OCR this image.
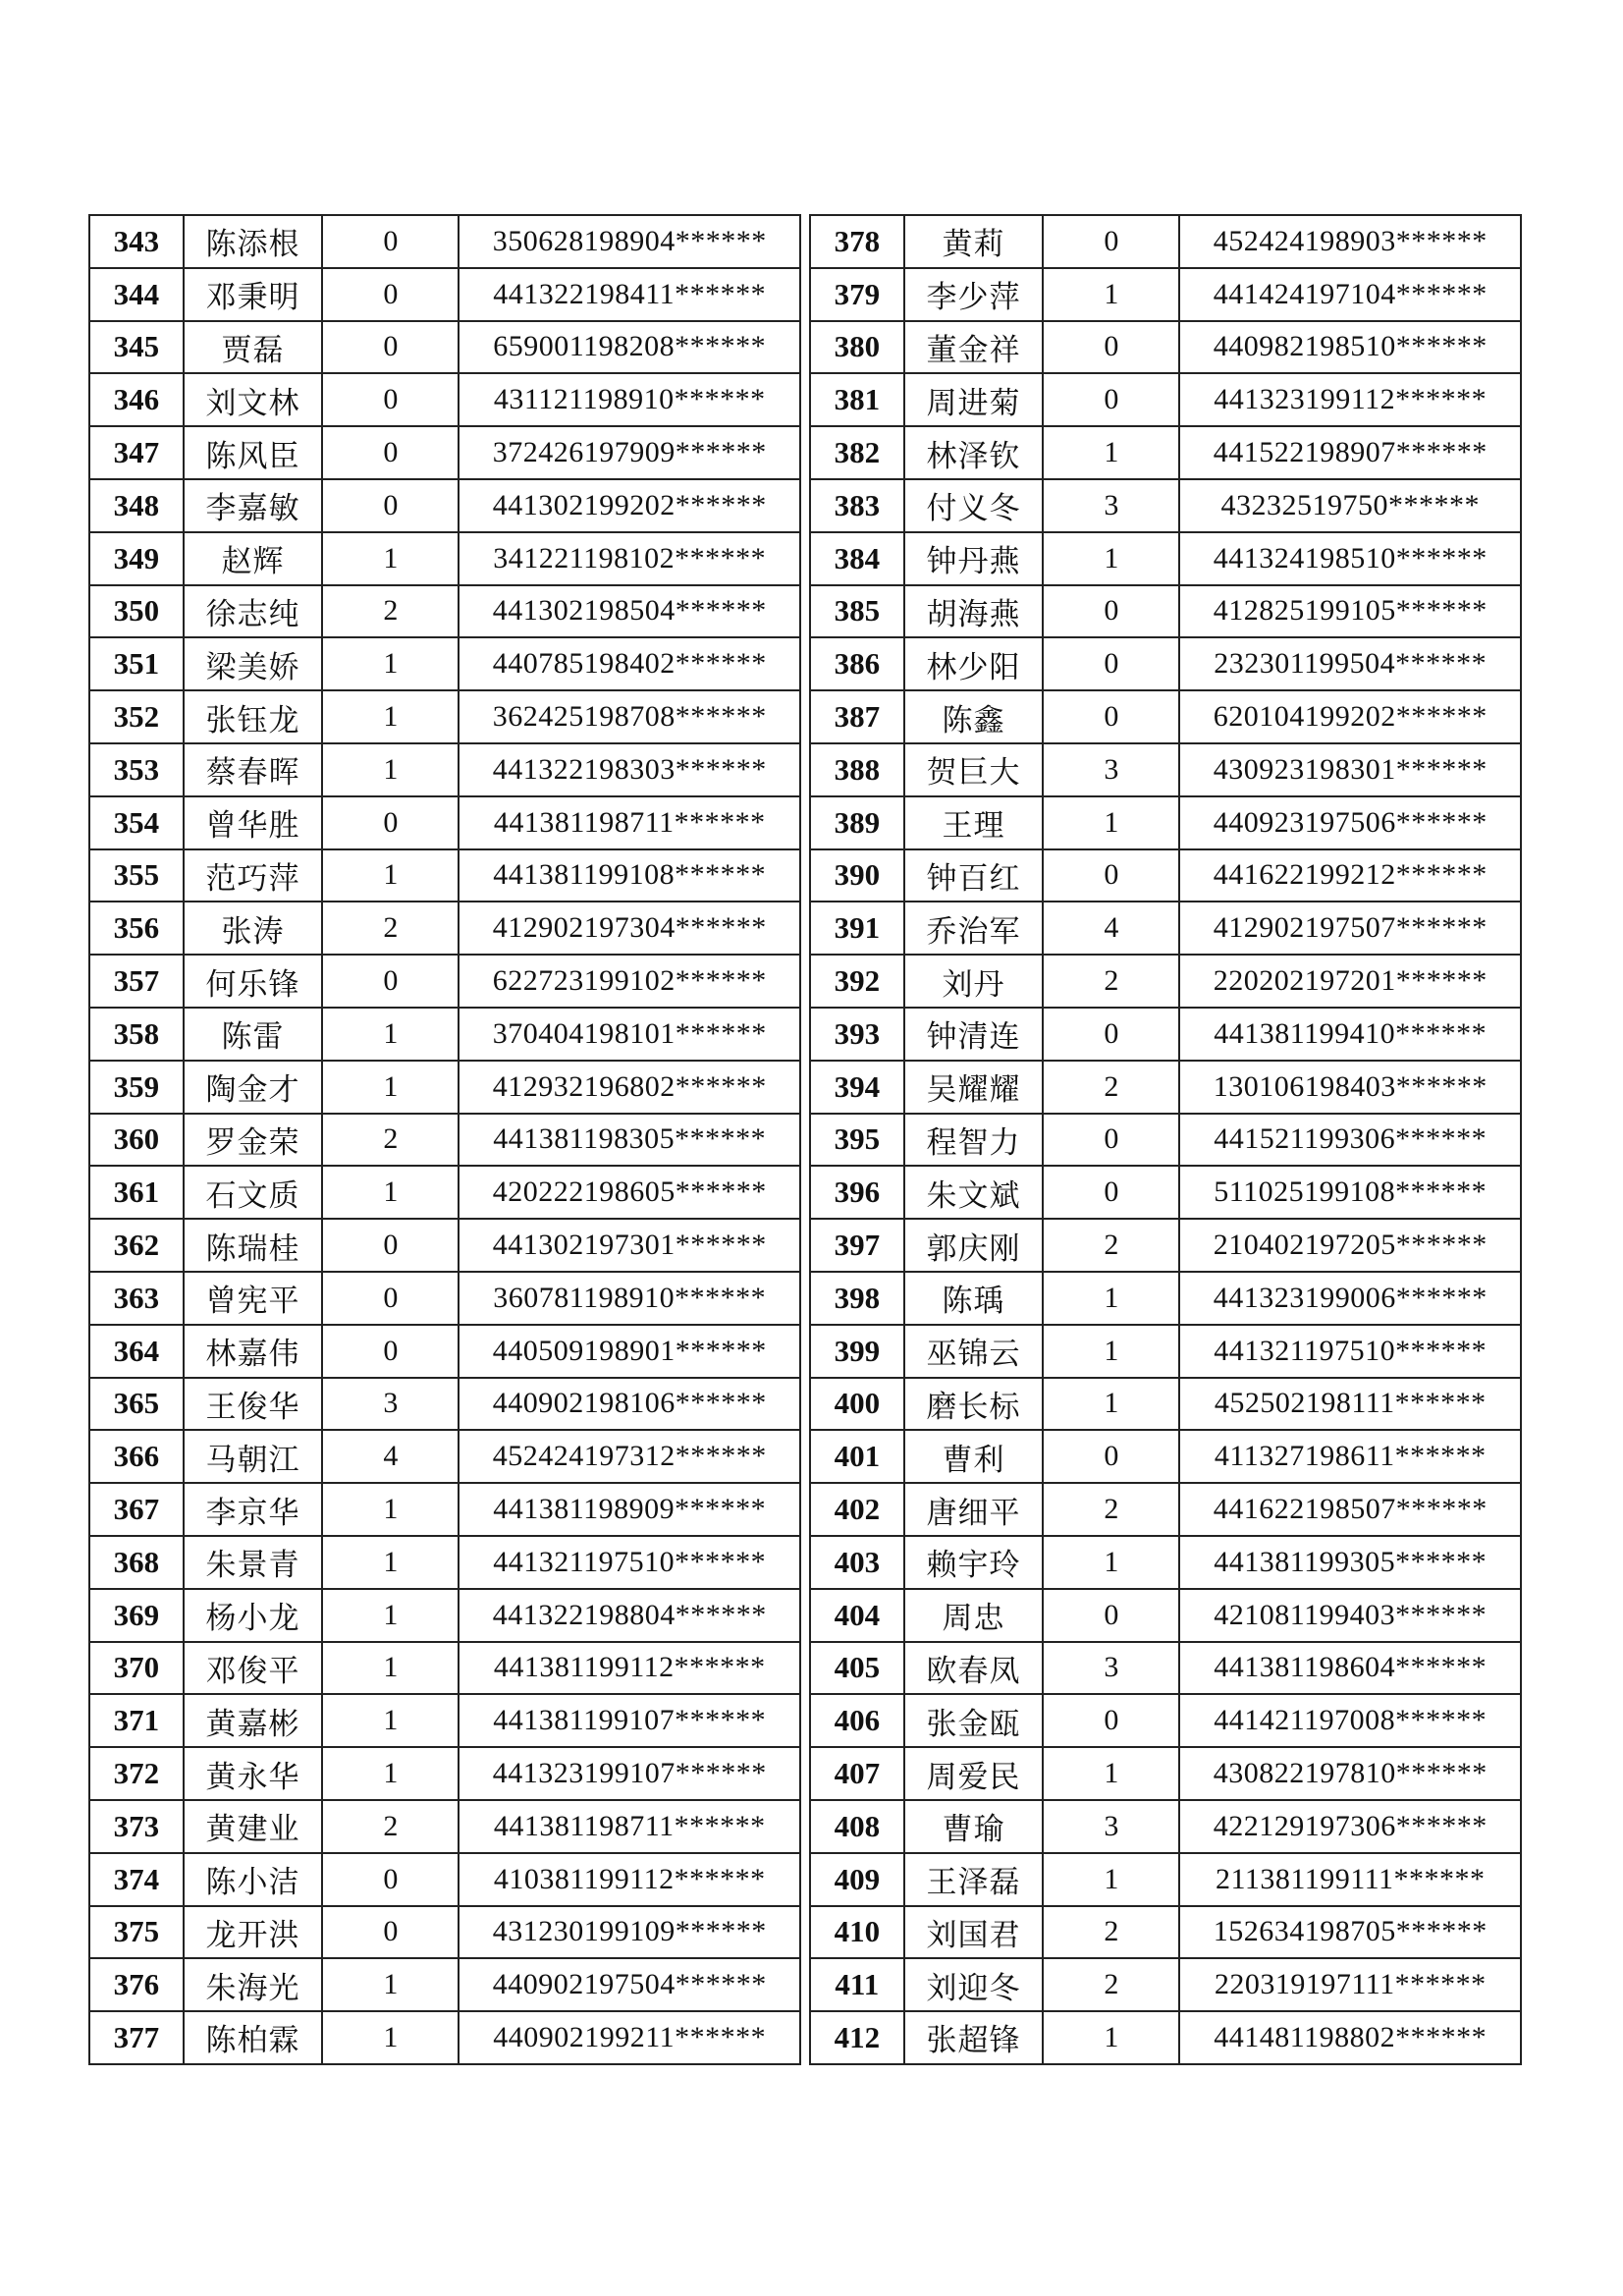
343	陈添根	0	350628198904******
344	邓秉明	0	441322198411******
345	贾磊	0	659001198208******
346	刘文林	0	431121198910******
347	陈风臣	0	372426197909******
348	李嘉敏	0	441302199202******
349	赵辉	1	341221198102******
350	徐志纯	2	441302198504******
351	梁美娇	1	440785198402******
352	张钰龙	1	362425198708******
353	蔡春晖	1	441322198303******
354	曾华胜	0	441381198711******
355	范巧萍	1	441381199108******
356	张涛	2	412902197304******
357	何乐锋	0	622723199102******
358	陈雷	1	370404198101******
359	陶金才	1	412932196802******
360	罗金荣	2	441381198305******
361	石文质	1	420222198605******
362	陈瑞桂	0	441302197301******
363	曾宪平	0	360781198910******
364	林嘉伟	0	440509198901******
365	王俊华	3	440902198106******
366	马朝江	4	452424197312******
367	李京华	1	441381198909******
368	朱景青	1	441321197510******
369	杨小龙	1	441322198804******
370	邓俊平	1	441381199112******
371	黄嘉彬	1	441381199107******
372	黄永华	1	441323199107******
373	黄建业	2	441381198711******
374	陈小洁	0	410381199112******
375	龙开洪	0	431230199109******
376	朱海光	1	440902197504******
377	陈柏霖	1	440902199211******
378	黄莉	0	452424198903******
379	李少萍	1	441424197104******
380	董金祥	0	440982198510******
381	周进菊	0	441323199112******
382	林泽钦	1	441522198907******
383	付义冬	3	43232519750******
384	钟丹燕	1	441324198510******
385	胡海燕	0	412825199105******
386	林少阳	0	232301199504******
387	陈鑫	0	620104199202******
388	贺巨大	3	430923198301******
389	王理	1	440923197506******
390	钟百红	0	441622199212******
391	乔治军	4	412902197507******
392	刘丹	2	220202197201******
393	钟清连	0	441381199410******
394	吴耀耀	2	130106198403******
395	程智力	0	441521199306******
396	朱文斌	0	511025199108******
397	郭庆刚	2	210402197205******
398	陈瑀	1	441323199006******
399	巫锦云	1	441321197510******
400	磨长标	1	452502198111******
401	曹利	0	411327198611******
402	唐细平	2	441622198507******
403	赖宇玲	1	441381199305******
404	周忠	0	421081199403******
405	欧春凤	3	441381198604******
406	张金瓯	0	441421197008******
407	周爱民	1	430822197810******
408	曹瑜	3	422129197306******
409	王泽磊	1	211381199111******
410	刘国君	2	152634198705******
411	刘迎冬	2	220319197111******
412	张超锋	1	441481198802******
